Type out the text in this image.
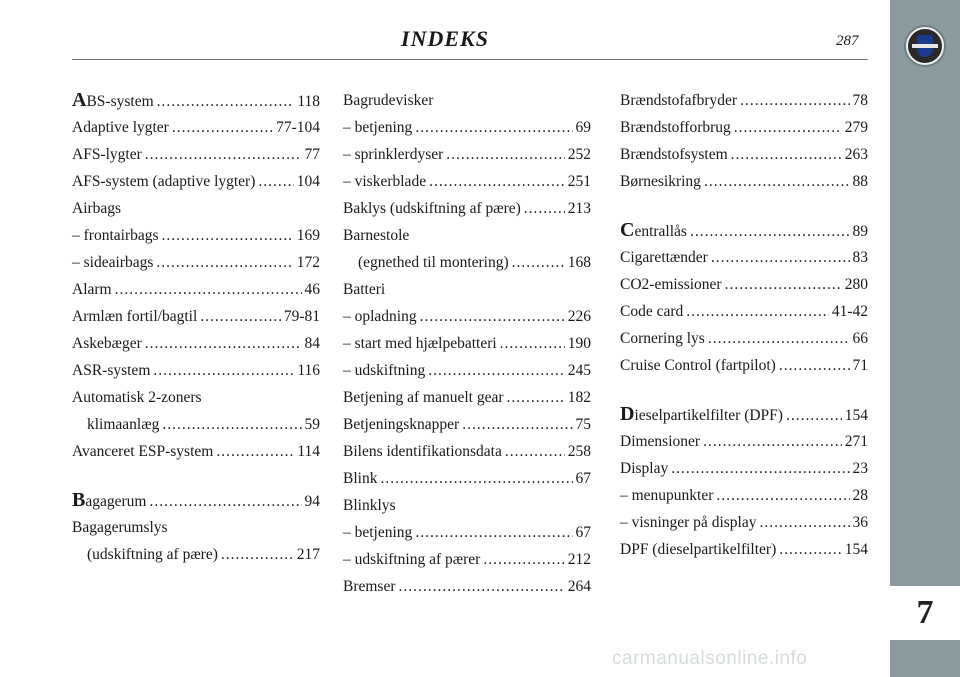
INDEKS	287
7
ABS-system .....	118
Adaptive lygter .....	77-104
AFS-lygter .....	77
AFS-system (adaptive lygter) .....	104
Airbags
– frontairbags .....	169
– sideairbags .....	172
Alarm .....	46
Armlæn fortil/bagtil .....	79-81
Askebæger .....	84
ASR-system .....	116
Automatisk 2-zoners
klimaanlæg .....	59
Avanceret ESP-system .....	114
Bagagerum .....	94
Bagagerumslys
(udskiftning af pære) .....	217
Bagrudevisker
– betjening .....	69
– sprinklerdyser .....	252
– viskerblade .....	251
Baklys (udskiftning af pære) .....	213
Barnestole
(egnethed til montering) .....	168
Batteri
– opladning .....	226
– start med hjælpebatteri .....	190
– udskiftning .....	245
Betjening af manuelt gear .....	182
Betjeningsknapper .....	75
Bilens identifikationsdata .....	258
Blink .....	67
Blinklys
– betjening .....	67
– udskiftning af pærer .....	212
Bremser .....	264
Brændstofafbryder .....	78
Brændstofforbrug .....	279
Brændstofsystem .....	263
Børnesikring .....	88
Centrallås .....	89
Cigarettænder .....	83
CO2-emissioner .....	280
Code card .....	41-42
Cornering lys .....	66
Cruise Control (fartpilot) .....	71
Dieselpartikelfilter (DPF) .....	154
Dimensioner .....	271
Display .....	23
– menupunkter .....	28
– visninger på display .....	36
DPF (dieselpartikelfilter) .....	154
carmanualsonline.info
